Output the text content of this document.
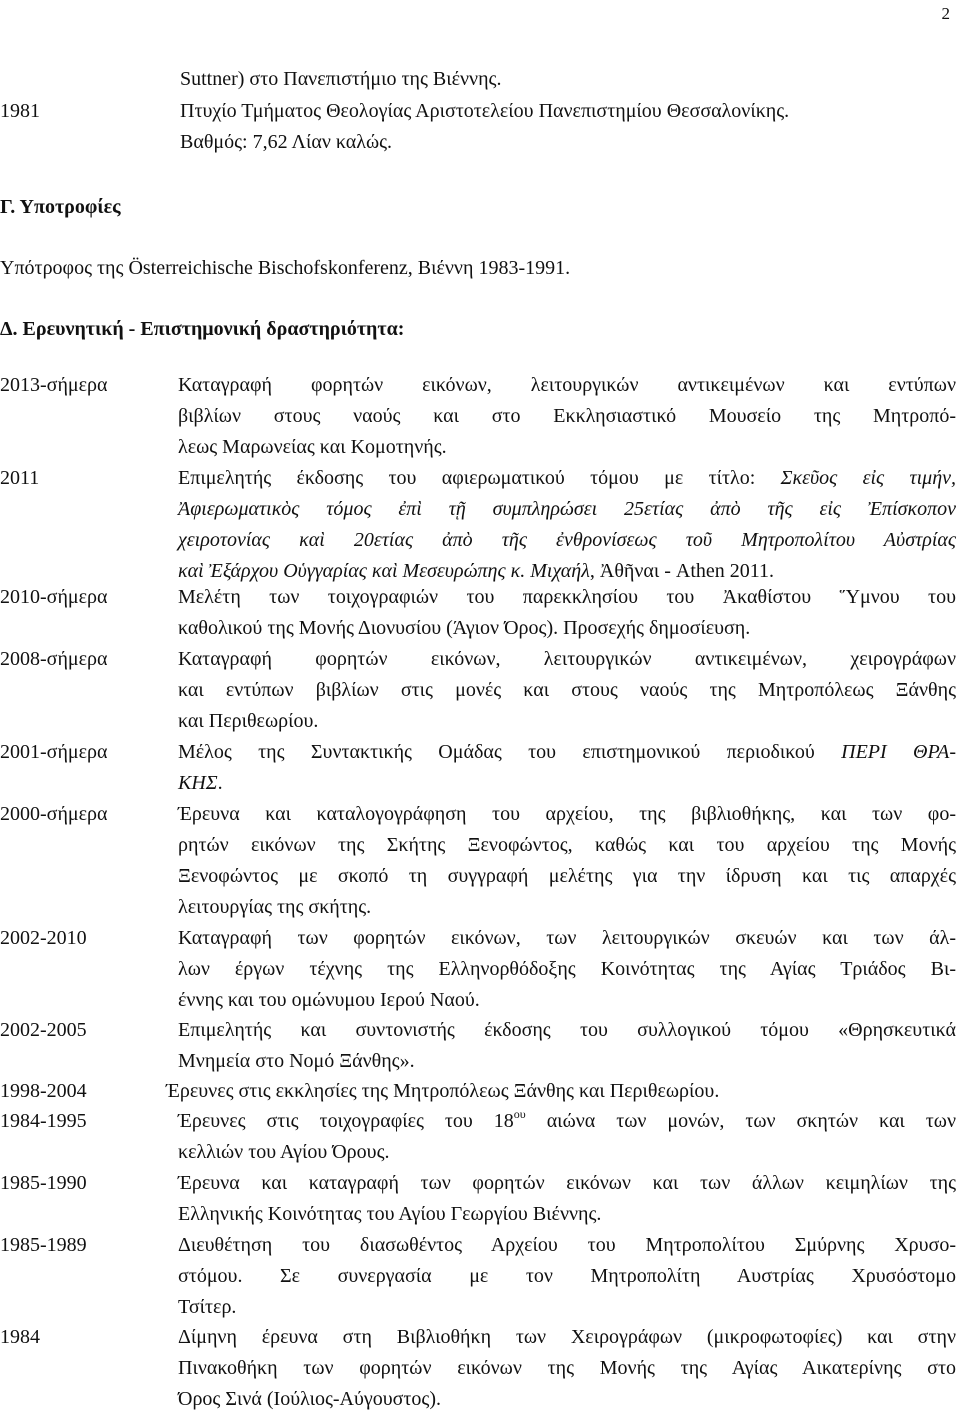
2
Suttner) στο Πανεπιστήμιο της Βιέννης.
1981	Πτυχίο Τμήματος Θεολογίας Αριστοτελείου Πανεπιστημίου Θεσσαλονίκης.
Βαθμός: 7,62 Λίαν καλώς.
Γ. Υποτροφίες
Υπότροφος της Österreichische Bischofskonferenz, Βιέννη 1983-1991.
Δ. Ερευνητική - Επιστημονική δραστηριότητα:
2013-σήμερα	Καταγραφή φορητών εικόνων, λειτουργικών αντικειμένων και εντύπων
βιβλίων στους ναούς και στο Εκκλησιαστικό Μουσείο της Μητροπό-
λεως Μαρωνείας και Κομοτηνής.
2011	Επιμελητής έκδοσης του αφιερωματικού τόμου με τίτλο: Σκεῦος εἰς τιμήν,
Ἀφιερωματικὸς τόμος ἐπὶ τῇ συμπληρώσει 25ετίας ἀπὸ τῆς εἰς Ἐπίσκοπον
χειροτονίας καὶ 20ετίας ἀπὸ τῆς ἐνθρονίσεως τοῦ Μητροπολίτου Αὐστρίας
καὶ Ἐξάρχου Οὑγγαρίας καὶ Μεσευρώπης κ. Μιχαήλ, Ἀθῆναι - Athen 2011.
2010-σήμερα	Μελέτη των τοιχογραφιών του παρεκκλησίου του Ἀκαθίστου Ὕμνου του
καθολικού της Μονής Διονυσίου (Άγιον Όρος). Προσεχής δημοσίευση.
2008-σήμερα	Καταγραφή φορητών εικόνων, λειτουργικών αντικειμένων, χειρογράφων
και εντύπων βιβλίων στις μονές και στους ναούς της Μητροπόλεως Ξάνθης
και Περιθεωρίου.
2001-σήμερα	Μέλος της Συντακτικής Ομάδας του επιστημονικού περιοδικού ΠΕΡΙ ΘΡΑ-
ΚΗΣ.
2000-σήμερα	Έρευνα και καταλογογράφηση του αρχείου, της βιβλιοθήκης, και των φο-
ρητών εικόνων της Σκήτης Ξενοφώντος, καθώς και του αρχείου της Μονής
Ξενοφώντος με σκοπό τη συγγραφή μελέτης για την ίδρυση και τις απαρχές
λειτουργίας της σκήτης.
2002-2010	Καταγραφή των φορητών εικόνων, των λειτουργικών σκευών και των άλ-
λων έργων τέχνης της Ελληνορθόδοξης Κοινότητας της Αγίας Τριάδος Βι-
έννης και του ομώνυμου Ιερού Ναού.
2002-2005	Επιμελητής και συντονιστής έκδοσης του συλλογικού τόμου «Θρησκευτικά
Μνημεία στο Νομό Ξάνθης».
1998-2004	Έρευνες στις εκκλησίες της Μητροπόλεως Ξάνθης και Περιθεωρίου.
1984-1995	Έρευνες στις τοιχογραφίες του $18^{o\upsilon}$ αιώνα των μονών, των σκητών και των
κελλιών του Αγίου Όρους.
1985-1990	Έρευνα και καταγραφή των φορητών εικόνων και των άλλων κειμηλίων της
Ελληνικής Κοινότητας του Αγίου Γεωργίου Βιέννης.
1985-1989	Διευθέτηση του διασωθέντος Αρχείου του Μητροπολίτου Σμύρνης Χρυσο-
στόμου. Σε συνεργασία με τον Μητροπολίτη Αυστρίας Χρυσόστομο
Τσίτερ.
1984	Δίμηνη έρευνα στη Βιβλιοθήκη των Χειρογράφων (μικροφωτοφίες) και στην
Πινακοθήκη των φορητών εικόνων της Μονής της Αγίας Αικατερίνης στο
Όρος Σινά (Ιούλιος-Αύγουστος).
